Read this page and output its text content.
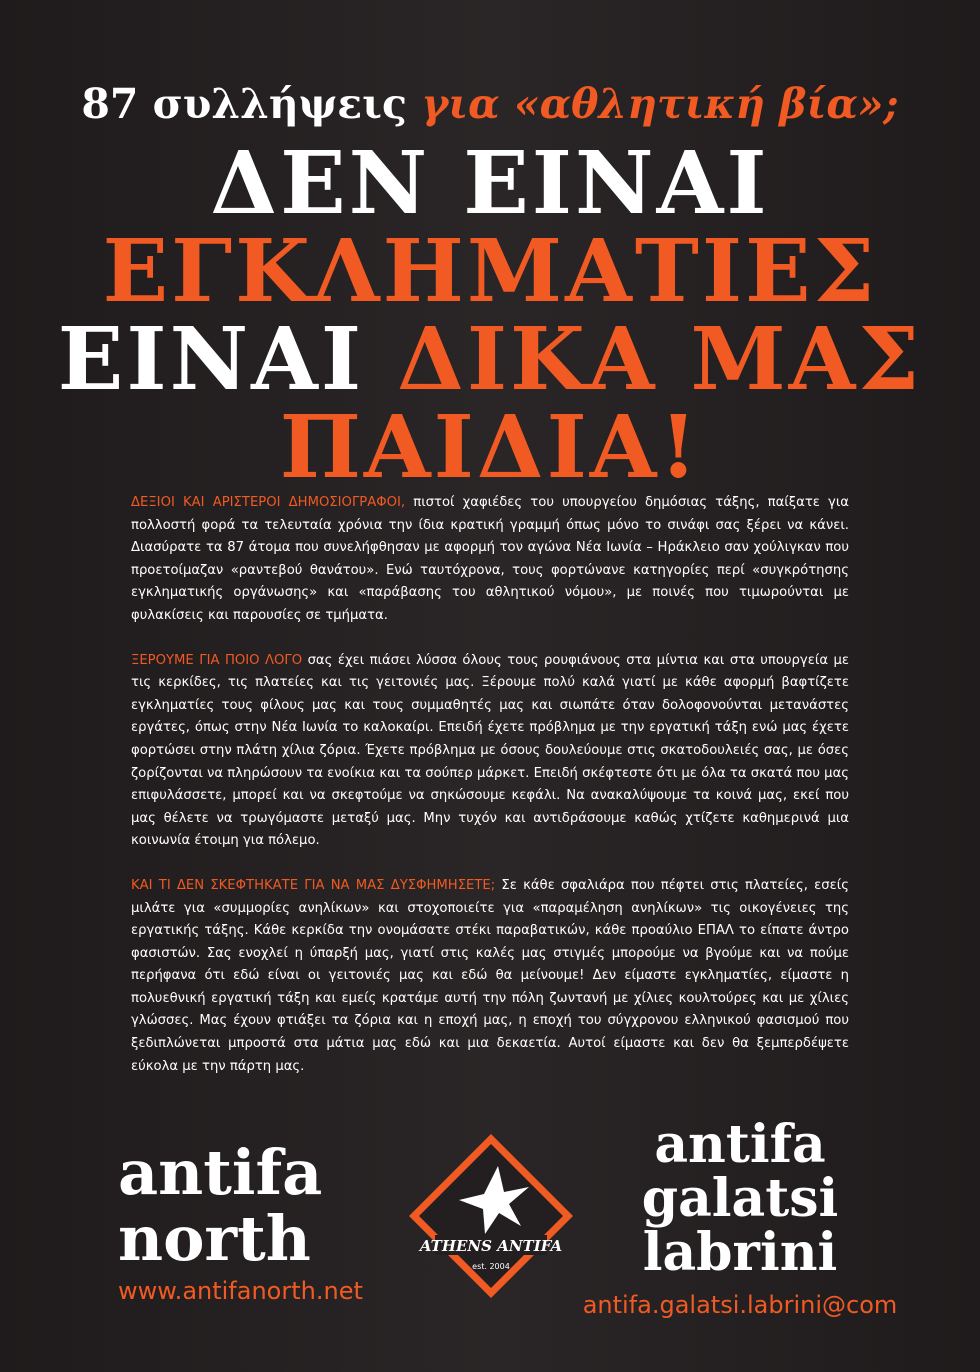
87 συλλήψεις για «αθλητική βία»;
ΔΕΝ ΕΙΝΑΙ
ΕΓΚΛΗΜΑΤΙΕΣ
ΕΙΝΑΙ ΔΙΚΑ ΜΑΣ
ΠΑΙΔΙΑ!

ΔΕΞΙΟΙ ΚΑΙ ΑΡΙΣΤΕΡΟΙ ΔΗΜΟΣΙΟΓΡΑΦΟΙ, πιστοί χαφιέδες του υπουργείου δημόσιας τάξης, παίξατε για πολλοστή φορά τα τελευταία χρόνια την ίδια κρατική γραμμή όπως μόνο το σινάφι σας ξέρει να κάνει. Διασύρατε τα 87 άτομα που συνελήφθησαν με αφορμή τον αγώνα Νέα Ιωνία – Ηράκλειο σαν χούλιγκαν που προετοίμαζαν «ραντεβού θανάτου». Ενώ ταυτόχρονα, τους φορτώνανε κατηγορίες περί «συγκρότησης εγκληματικής οργάνωσης» και «παράβασης του αθλητικού νόμου», με ποινές που τιμωρούνται με φυλακίσεις και παρουσίες σε τμήματα.

ΞΕΡΟΥΜΕ ΓΙΑ ΠΟΙΟ ΛΟΓΟ σας έχει πιάσει λύσσα όλους τους ρουφιάνους στα μίντια και στα υπουργεία με τις κερκίδες, τις πλατείες και τις γειτονιές μας. Ξέρουμε πολύ καλά γιατί με κάθε αφορμή βαφτίζετε εγκληματίες τους φίλους μας και τους συμμαθητές μας και σιωπάτε όταν δολοφονούνται μετανάστες εργάτες, όπως στην Νέα Ιωνία το καλοκαίρι. Επειδή έχετε πρόβλημα με την εργατική τάξη ενώ μας έχετε φορτώσει στην πλάτη χίλια ζόρια. Έχετε πρόβλημα με όσους δουλεύουμε στις σκατοδουλειές σας, με όσες ζορίζονται να πληρώσουν τα ενοίκια και τα σούπερ μάρκετ. Επειδή σκέφτεστε ότι με όλα τα σκατά που μας επιφυλάσσετε, μπορεί και να σκεφτούμε να σηκώσουμε κεφάλι. Να ανακαλύψουμε τα κοινά μας, εκεί που μας θέλετε να τρωγόμαστε μεταξύ μας. Μην τυχόν και αντιδράσουμε καθώς χτίζετε καθημερινά μια κοινωνία έτοιμη για πόλεμο.

ΚΑΙ ΤΙ ΔΕΝ ΣΚΕΦΤΗΚΑΤΕ ΓΙΑ ΝΑ ΜΑΣ ΔΥΣΦΗΜΗΣΕΤΕ; Σε κάθε σφαλιάρα που πέφτει στις πλατείες, εσείς μιλάτε για «συμμορίες ανηλίκων» και στοχοποιείτε για «παραμέληση ανηλίκων» τις οικογένειες της εργατικής τάξης. Κάθε κερκίδα την ονομάσατε στέκι παραβατικών, κάθε προαύλιο ΕΠΑΛ το είπατε άντρο φασιστών. Σας ενοχλεί η ύπαρξή μας, γιατί στις καλές μας στιγμές μπορούμε να βγούμε και να πούμε περήφανα ότι εδώ είναι οι γειτονιές μας και εδώ θα μείνουμε! Δεν είμαστε εγκληματίες, είμαστε η πολυεθνική εργατική τάξη και εμείς κρατάμε αυτή την πόλη ζωντανή με χίλιες κουλτούρες και με χίλιες γλώσσες. Μας έχουν φτιάξει τα ζόρια και η εποχή μας, η εποχή του σύγχρονου ελληνικού φασισμού που ξεδιπλώνεται μπροστά στα μάτια μας εδώ και μια δεκαετία. Αυτοί είμαστε και δεν θα ξεμπερδέψετε εύκολα με την πάρτη μας.

antifa
north
www.antifanorth.net
ATHENS ANTIFA
est. 2004
antifa
galatsi
labrini
antifa.galatsi.labrini@com
